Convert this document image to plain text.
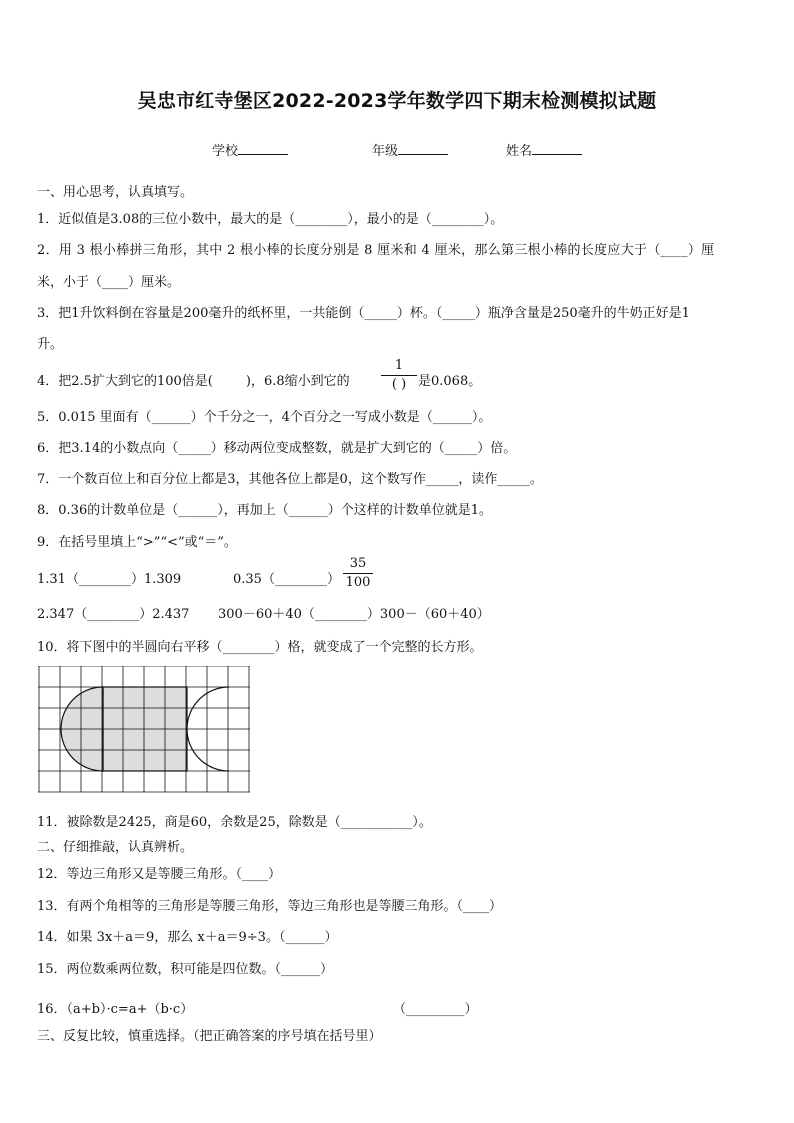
吴忠市红寺堡区2022-2023学年数学四下期末检测模拟试题
学校	年级	姓名
一、用心思考，认真填写。
1．近似值是3.08的三位小数中，最大的是（________），最小的是（________）。
2．用 3 根小棒拼三角形，其中 2 根小棒的长度分别是 8 厘米和 4 厘米，那么第三根小棒的长度应大于（____）厘
米，小于（____）厘米。
3．把1升饮料倒在容量是200毫升的纸杯里，一共能倒（_____）杯。（_____）瓶净含量是250毫升的牛奶正好是1
升。
4．把2.5扩大到它的100倍是(        )，6.8缩小到它的
1
( ) 是0.068。
5．0.015 里面有（______）个千分之一，4个百分之一写成小数是（______）。
6．把3.14的小数点向（_____）移动两位变成整数，就是扩大到它的（_____）倍。
7．一个数百位上和百分位上都是3，其他各位上都是0，这个数写作_____，读作_____。
8．0.36的计数单位是（______），再加上（______）个这样的计数单位就是1。
9．在括号里填上“>”“<”或“＝”。
1.31（________）1.309	0.35（________）
35
100
2.347（________）2.437 300－60＋40（________）300－（60＋40）
10．将下图中的半圆向右平移（________）格，就变成了一个完整的长方形。
11．被除数是2425，商是60，余数是25，除数是（___________）。
二、仔细推敲，认真辨析。
12．等边三角形又是等腰三角形。（____）
13．有两个角相等的三角形是等腰三角形，等边三角形也是等腰三角形。（____）
14．如果 3x＋a＝9，那么 x＋a＝9÷3。（______）
15．两位数乘两位数，积可能是四位数。（______）
16．（a+b）·c=a+（b·c）	（_________）
三、反复比较，慎重选择。（把正确答案的序号填在括号里）
